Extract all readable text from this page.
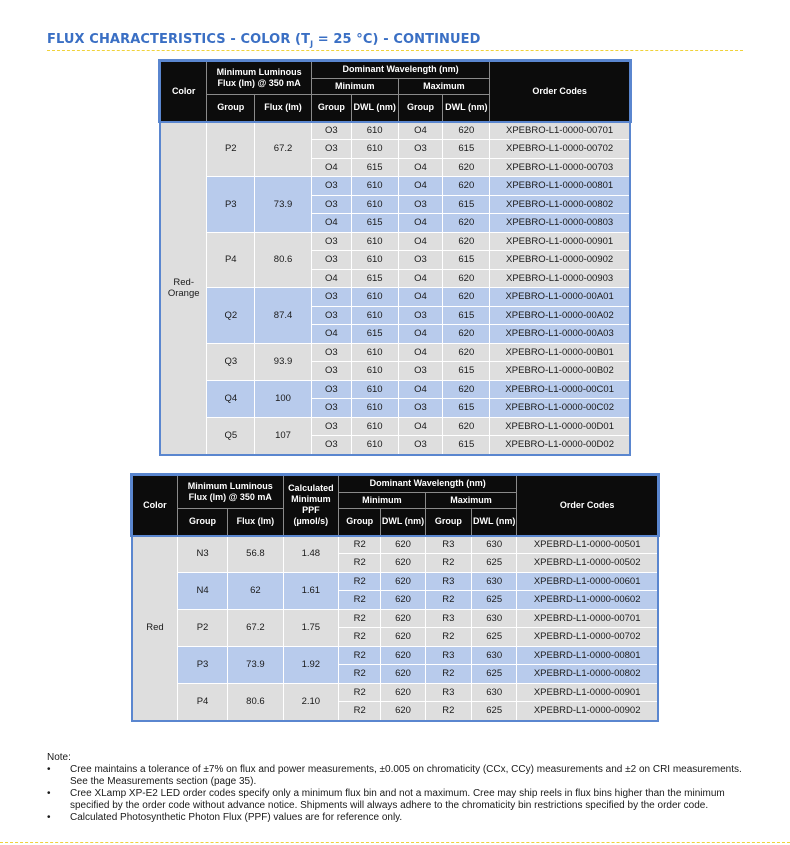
FLUX CHARACTERISTICS - COLOR ($T_J = 25$ °C) - CONTINUED
Color	Minimum Luminous Flux (lm) @ 350 mA		Dominant Wavelength (nm)				Order Codes
			Minimum		Maximum		
	Group	Flux (lm)	Group	DWL (nm)	Group	DWL (nm)	
Red-Orange	P2	67.2	O3	610	O4	620	XPEBRO-L1-0000-00701
			O3	610	O3	615	XPEBRO-L1-0000-00702
			O4	615	O4	620	XPEBRO-L1-0000-00703
	P3	73.9	O3	610	O4	620	XPEBRO-L1-0000-00801
			O3	610	O3	615	XPEBRO-L1-0000-00802
			O4	615	O4	620	XPEBRO-L1-0000-00803
	P4	80.6	O3	610	O4	620	XPEBRO-L1-0000-00901
			O3	610	O3	615	XPEBRO-L1-0000-00902
			O4	615	O4	620	XPEBRO-L1-0000-00903
	Q2	87.4	O3	610	O4	620	XPEBRO-L1-0000-00A01
			O3	610	O3	615	XPEBRO-L1-0000-00A02
			O4	615	O4	620	XPEBRO-L1-0000-00A03
	Q3	93.9	O3	610	O4	620	XPEBRO-L1-0000-00B01
			O3	610	O3	615	XPEBRO-L1-0000-00B02
	Q4	100	O3	610	O4	620	XPEBRO-L1-0000-00C01
			O3	610	O3	615	XPEBRO-L1-0000-00C02
	Q5	107	O3	610	O4	620	XPEBRO-L1-0000-00D01
			O3	610	O3	615	XPEBRO-L1-0000-00D02
Color	Minimum Luminous Flux (lm) @ 350 mA		Calculated Minimum PPF (µmol/s)	Dominant Wavelength (nm)				Order Codes
				Minimum		Maximum		
	Group	Flux (lm)		Group	DWL (nm)	Group	DWL (nm)	
Red	N3	56.8	1.48	R2	620	R3	630	XPEBRD-L1-0000-00501
				R2	620	R2	625	XPEBRD-L1-0000-00502
	N4	62	1.61	R2	620	R3	630	XPEBRD-L1-0000-00601
				R2	620	R2	625	XPEBRD-L1-0000-00602
	P2	67.2	1.75	R2	620	R3	630	XPEBRD-L1-0000-00701
				R2	620	R2	625	XPEBRD-L1-0000-00702
	P3	73.9	1.92	R2	620	R3	630	XPEBRD-L1-0000-00801
				R2	620	R2	625	XPEBRD-L1-0000-00802
	P4	80.6	2.10	R2	620	R3	630	XPEBRD-L1-0000-00901
				R2	620	R2	625	XPEBRD-L1-0000-00902

Note:

• Cree maintains a tolerance of ±7% on flux and power measurements, ±0.005 on chromaticity (CCx, CCy) measurements and ±2 on CRI measurements. See the Measurements section (page 35).
• Cree XLamp XP-E2 LED order codes specify only a minimum flux bin and not a maximum. Cree may ship reels in flux bins higher than the minimum specified by the order code without advance notice. Shipments will always adhere to the chromaticity bin restrictions specified by the order code.
• Calculated Photosynthetic Photon Flux (PPF) values are for reference only.
